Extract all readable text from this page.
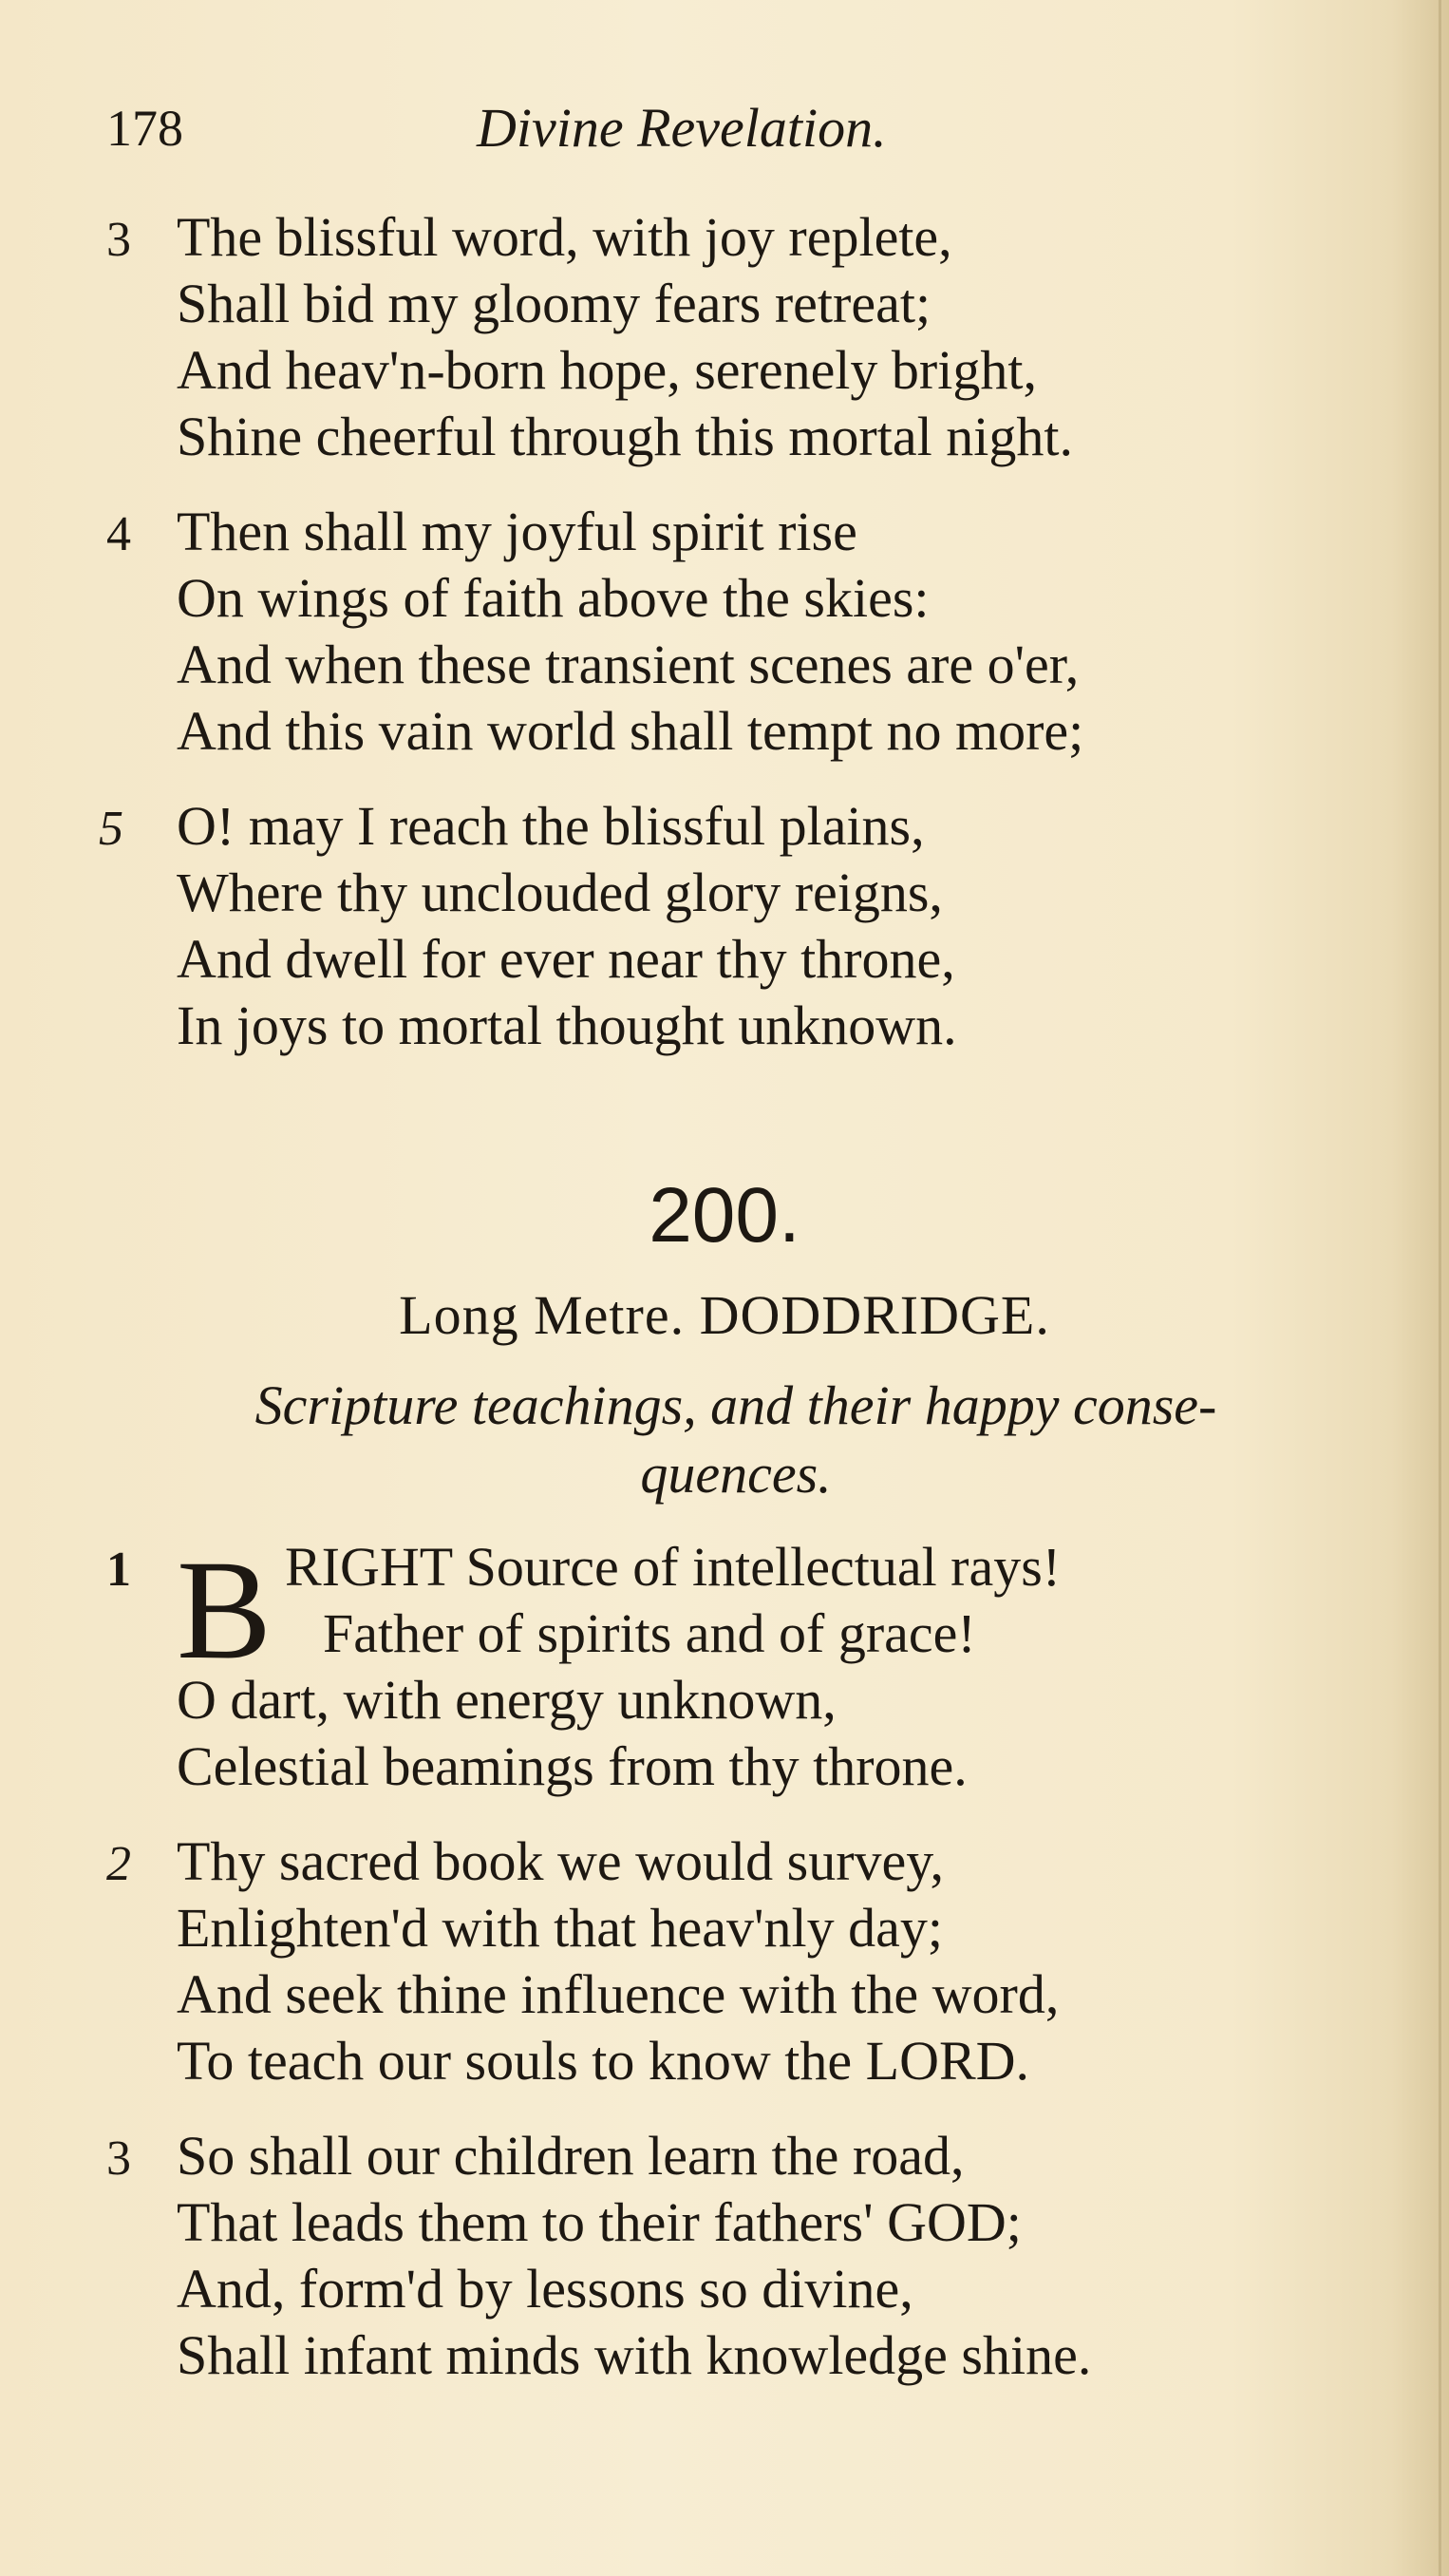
178	Divine Revelation.
3 The blissful word, with joy replete,
Shall bid my gloomy fears retreat;
And heav'n-born hope, serenely bright,
Shine cheerful through this mortal night.
4 Then shall my joyful spirit rise
On wings of faith above the skies:
And when these transient scenes are o'er,
And this vain world shall tempt no more;
5 O! may I reach the blissful plains,
Where thy unclouded glory reigns,
And dwell for ever near thy throne,
In joys to mortal thought unknown.
200.
Long Metre. DODDRIDGE.
Scripture teachings, and their happy conse-
quences.
1 B RIGHT Source of intellectual rays!
Father of spirits and of grace!
O dart, with energy unknown,
Celestial beamings from thy throne.
2 Thy sacred book we would survey,
Enlighten'd with that heav'nly day;
And seek thine influence with the word,
To teach our souls to know the LORD.
3 So shall our children learn the road,
That leads them to their fathers' GOD;
And, form'd by lessons so divine,
Shall infant minds with knowledge shine.
